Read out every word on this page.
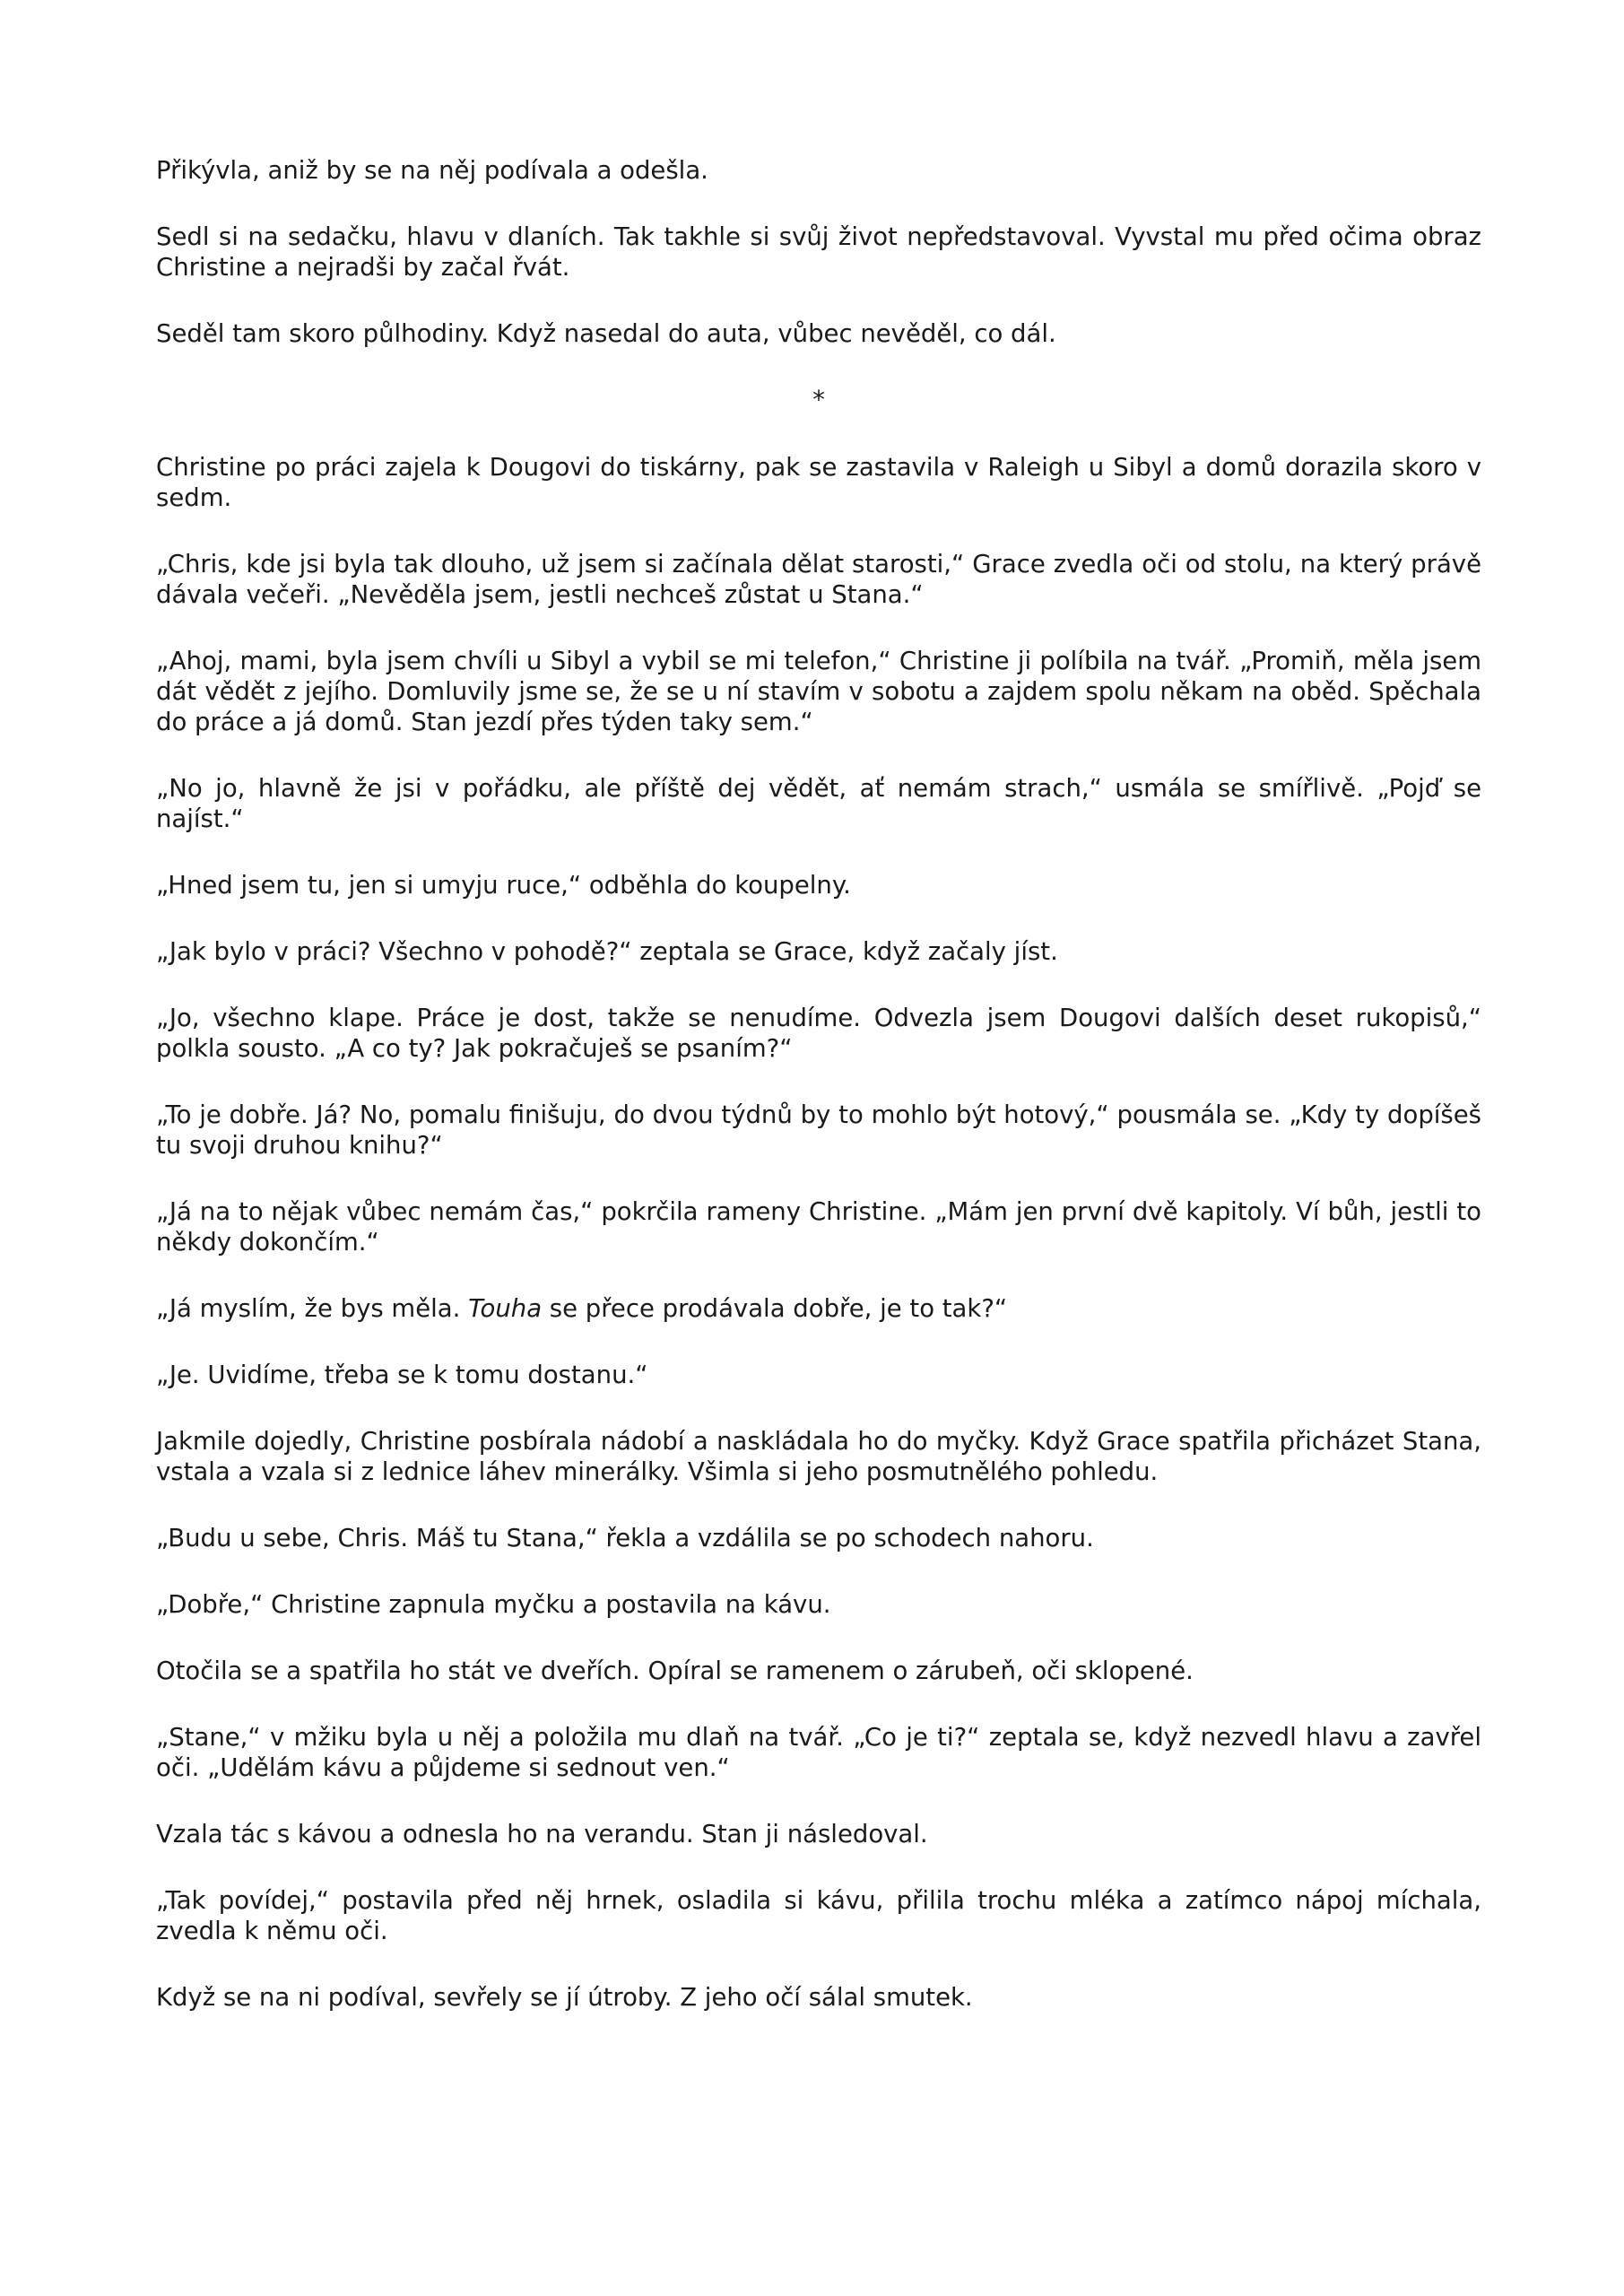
Přikývla, aniž by se na něj podívala a odešla.

Sedl si na sedačku, hlavu v dlaních. Tak takhle si svůj život nepředstavoval. Vyvstal mu před očima obraz Christine a nejradši by začal řvát.

Seděl tam skoro půlhodiny. Když nasedal do auta, vůbec nevěděl, co dál.

*

Christine po práci zajela k Dougovi do tiskárny, pak se zastavila v Raleigh u Sibyl a domů dorazila skoro v sedm.

„Chris, kde jsi byla tak dlouho, už jsem si začínala dělat starosti,“ Grace zvedla oči od stolu, na který právě dávala večeři. „Nevěděla jsem, jestli nechceš zůstat u Stana.“

„Ahoj, mami, byla jsem chvíli u Sibyl a vybil se mi telefon,“ Christine ji políbila na tvář. „Promiň, měla jsem dát vědět z jejího. Domluvily jsme se, že se u ní stavím v sobotu a zajdem spolu někam na oběd. Spěchala do práce a já domů. Stan jezdí přes týden taky sem.“

„No jo, hlavně že jsi v pořádku, ale příště dej vědět, ať nemám strach,“ usmála se smířlivě. „Pojď se najíst.“

„Hned jsem tu, jen si umyju ruce,“ odběhla do koupelny.

„Jak bylo v práci? Všechno v pohodě?“ zeptala se Grace, když začaly jíst.

„Jo, všechno klape. Práce je dost, takže se nenudíme. Odvezla jsem Dougovi dalších deset rukopisů,“ polkla sousto. „A co ty? Jak pokračuješ se psaním?“

„To je dobře. Já? No, pomalu finišuju, do dvou týdnů by to mohlo být hotový,“ pousmála se. „Kdy ty dopíšeš tu svoji druhou knihu?“

„Já na to nějak vůbec nemám čas,“ pokrčila rameny Christine. „Mám jen první dvě kapitoly. Ví bůh, jestli to někdy dokončím.“

„Já myslím, že bys měla. Touha se přece prodávala dobře, je to tak?“

„Je. Uvidíme, třeba se k tomu dostanu.“

Jakmile dojedly, Christine posbírala nádobí a naskládala ho do myčky. Když Grace spatřila přicházet Stana, vstala a vzala si z lednice láhev minerálky. Všimla si jeho posmutnělého pohledu.

„Budu u sebe, Chris. Máš tu Stana,“ řekla a vzdálila se po schodech nahoru.

„Dobře,“ Christine zapnula myčku a postavila na kávu.

Otočila se a spatřila ho stát ve dveřích. Opíral se ramenem o zárubeň, oči sklopené.

„Stane,“ v mžiku byla u něj a položila mu dlaň na tvář. „Co je ti?“ zeptala se, když nezvedl hlavu a zavřel oči. „Udělám kávu a půjdeme si sednout ven.“

Vzala tác s kávou a odnesla ho na verandu. Stan ji následoval.

„Tak povídej,“ postavila před něj hrnek, osladila si kávu, přililа trochu mléka a zatímco nápoj míchala, zvedla k němu oči.

Když se na ni podíval, sevřely se jí útroby. Z jeho očí sálal smutek.
